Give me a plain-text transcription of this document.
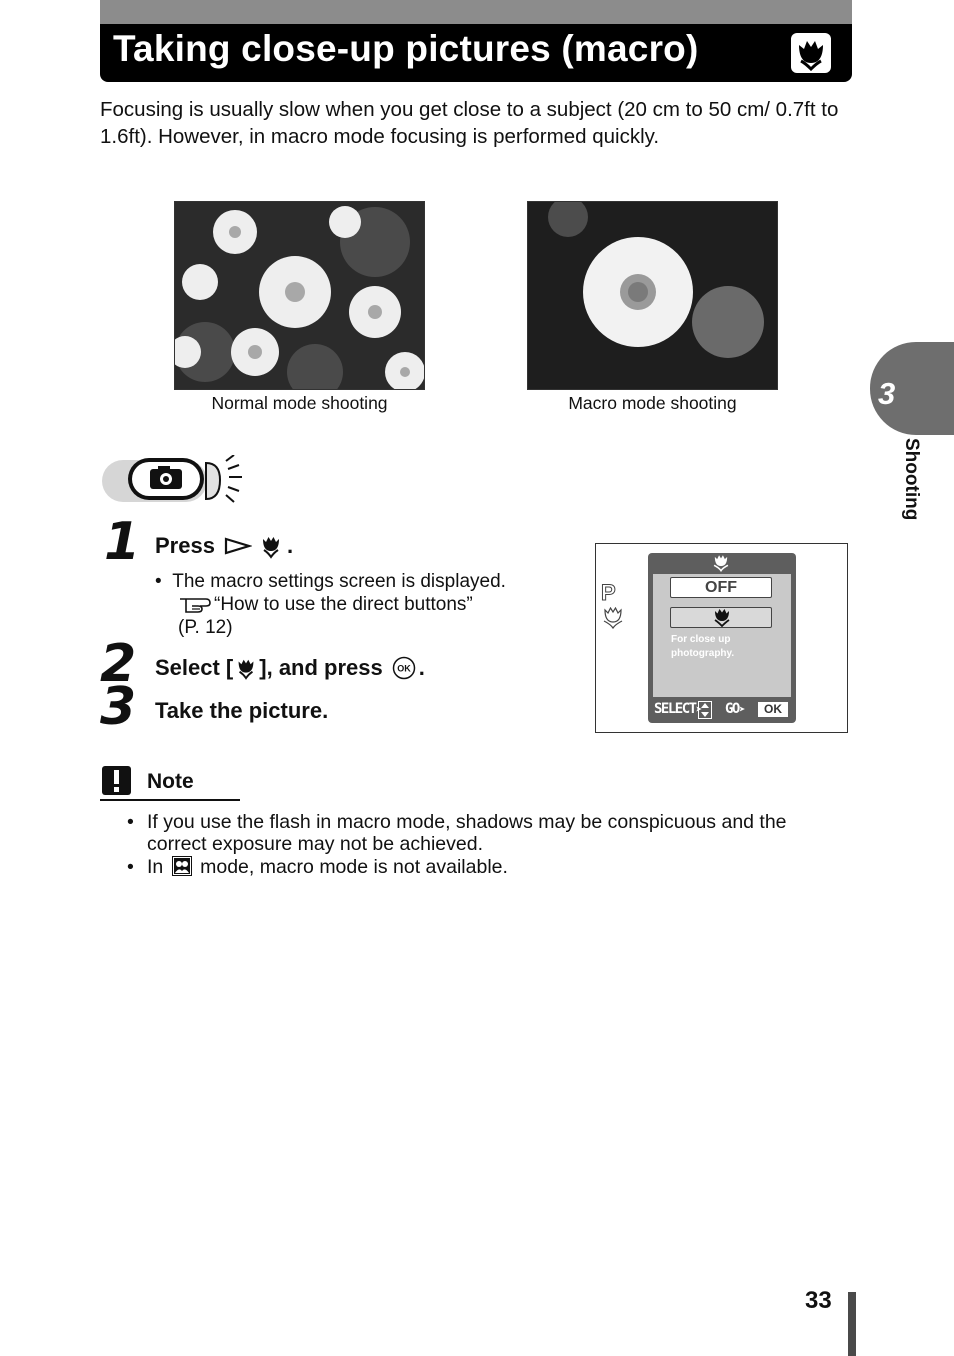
Taking close-up pictures (macro)

Focusing is usually slow when you get close to a subject (20 cm to 50 cm/ 0.7ft to 1.6ft). However, in macro mode focusing is performed quickly.

Normal mode shooting	Macro mode shooting	3
Shooting
1 Press	.
•  The macro settings screen is displayed.
“How to use the direct buttons”
(P. 12)
2 Select [ ], and press OK .
3 Take the picture.
P	OFF
For close up
photography.
SELECT➤ GO➤	OK
Note
• If you use the flash in macro mode, shadows may be conspicuous and the correct exposure may not be achieved.
• In mode, macro mode is not available.
33
